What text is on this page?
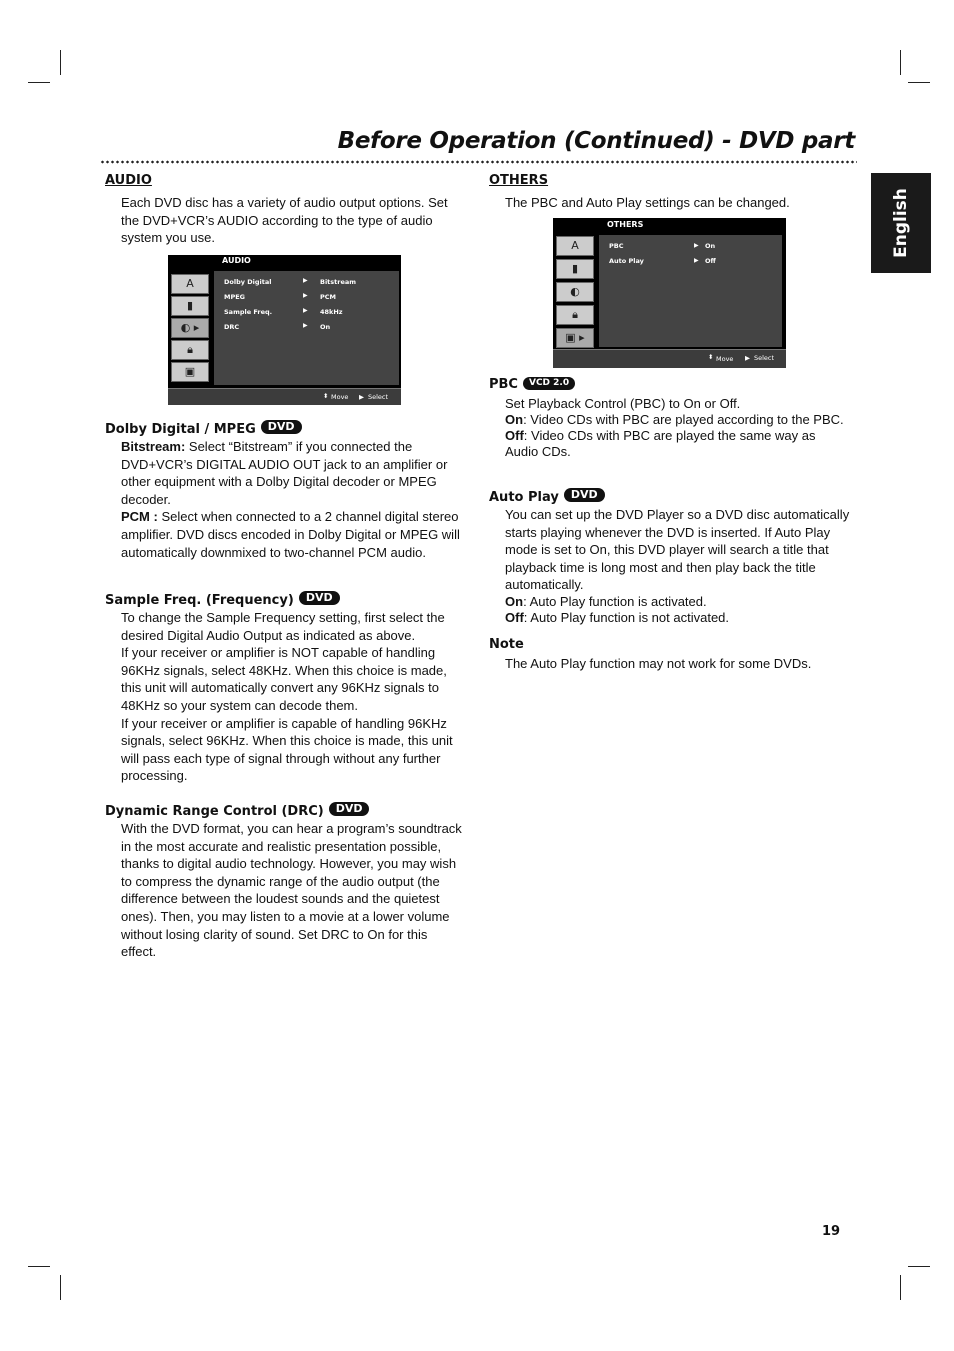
Before Operation (Continued) - DVD part
English
AUDIO
Each DVD disc has a variety of audio output options. Set the DVD+VCR’s AUDIO according to the type of audio system you use.
AUDIO
A
▮
◐ ▸
🔒︎
▣
Dolby Digital	▶ Bitstream
MPEG	▶ PCM
Sample Freq.	▶ 48kHz
DRC	▶ On
⬍ Move ▶ Select
Dolby Digital / MPEG DVD

Bitstream: Select “Bitstream” if you connected the DVD+VCR’s DIGITAL AUDIO OUT jack to an amplifier or other equipment with a Dolby Digital decoder or MPEG decoder.

PCM : Select when connected to a 2 channel digital stereo amplifier. DVD discs encoded in Dolby Digital or MPEG will automatically downmixed to two-channel PCM audio.

Sample Freq. (Frequency) DVD

To change the Sample Frequency setting, first select the desired Digital Audio Output as indicated as above.

If your receiver or amplifier is NOT capable of handling 96KHz signals, select 48KHz. When this choice is made, this unit will automatically convert any 96KHz signals to 48KHz so your system can decode them.

If your receiver or amplifier is capable of handling 96KHz signals, select 96KHz. When this choice is made, this unit will pass each type of signal through without any further processing.

Dynamic Range Control (DRC) DVD
With the DVD format, you can hear a program’s soundtrack in the most accurate and realistic presentation possible, thanks to digital audio technology. However, you may wish to compress the dynamic range of the audio output (the difference between the loudest sounds and the quietest ones). Then, you may listen to a movie at a lower volume without losing clarity of sound. Set DRC to On for this effect.
OTHERS
The PBC and Auto Play settings can be changed.
OTHERS
A
▮
◐
🔒︎
▣ ▸
PBC	▶ On
Auto Play	▶ Off
⬍ Move ▶ Select
PBC VCD 2.0

Set Playback Control (PBC) to On or Off.

On: Video CDs with PBC are played according to the PBC.

Off: Video CDs with PBC are played the same way as Audio CDs.

Auto Play DVD

You can set up the DVD Player so a DVD disc automatically starts playing whenever the DVD is inserted. If Auto Play mode is set to On, this DVD player will search a title that playback time is long most and then play back the title automatically.

On: Auto Play function is activated.

Off: Auto Play function is not activated.

Note
The Auto Play function may not work for some DVDs.
19
